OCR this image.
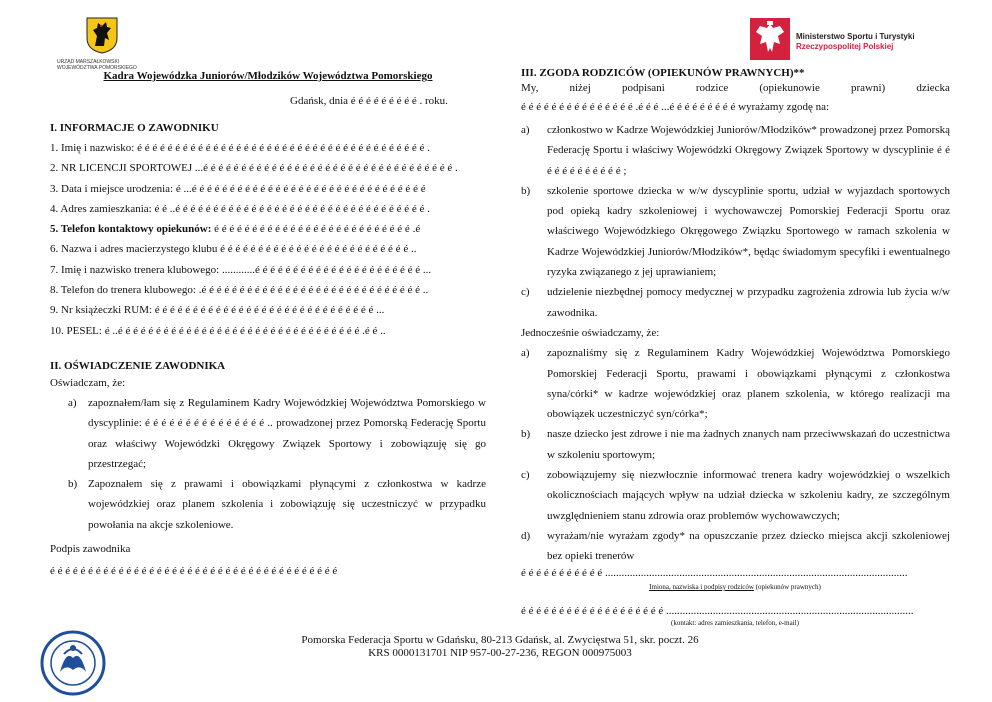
URZĄD MARSZAŁKOWSKI
WOJEWÓDZTWA POMORSKIEGO
Ministerstwo Sportu i Turystyki
Rzeczypospolitej Polskiej
Kadra Wojewódzka Juniorów/Młodzików Województwa Pomorskiego
Gdańsk, dnia é é é é é é é é é . roku.
I. INFORMACJE O ZAWODNIKU
1. Imię i nazwisko: é é é é é é é é é é é é é é é é é é é é é é é é é é é é é é é é é é é é é é .
2. NR LICENCJI SPORTOWEJ ...é é é é é é é é é é é é é é é é é é é é é é é é é é é é é é é é é .
3. Data i miejsce urodzenia: é ...é é é é é é é é é é é é é é é é é é é é é é é é é é é é é é é
4. Adres zamieszkania: é é ..é é é é é é é é é é é é é é é é é é é é é é é é é é é é é é é é é .
5. Telefon kontaktowy opiekunów: é é é é é é é é é é é é é é é é é é é é é é é é é é .é
6. Nazwa i adres macierzystego klubu é é é é é é é é é é é é é é é é é é é é é é é é é ..
7. Imię i nazwisko trenera klubowego: ............é é é é é é é é é é é é é é é é é é é é é é ...
8. Telefon do trenera klubowego: .é é é é é é é é é é é é é é é é é é é é é é é é é é é é é ..
9. Nr książeczki RUM: é é é é é é é é é é é é é é é é é é é é é é é é é é é é é ...
10. PESEL: é ..é é é é é é é é é é é é é é é é é é é é é é é é é é é é é é é é .é é ..
II. OŚWIADCZENIE ZAWODNIKA
Oświadczam, że:
a)	zapoznałem/łam się z Regulaminem Kadry Wojewódzkiej Województwa Pomorskiego w dyscyplinie: é é é é é é é é é é é é é é é .. prowadzonej przez Pomorską Federację Sportu oraz właściwy Wojewódzki Okręgowy Związek Sportowy i zobowiązuję się go przestrzegać;
b) Zapoznałem się z prawami i obowiązkami płynącymi z członkostwa w kadrze wojewódzkiej oraz planem szkolenia i zobowiązuję się uczestniczyć w przypadku powołania na akcje szkoleniowe.
Podpis zawodnika
é é é é é é é é é é é é é é é é é é é é é é é é é é é é é é é é é é é é é é
III. ZGODA RODZICÓW (OPIEKUNÓW PRAWNYCH)**
My,	niżej	podpisani	rodzice	(opiekunowie	prawni)	dziecka
é é é é é é é é é é é é é é é .é é é ...é é é é é é é é é wyrażamy zgodę na:
a)	członkostwo w Kadrze Wojewódzkiej Juniorów/Młodzików* prowadzonej przez Pomorską Federację Sportu i właściwy Wojewódzki Okręgowy Związek Sportowy w dyscyplinie é é é é é é é é é é é é ;
b)	szkolenie sportowe dziecka w w/w dyscyplinie sportu, udział w wyjazdach sportowych pod opieką kadry szkoleniowej i wychowawczej Pomorskiej Federacji Sportu oraz właściwego Wojewódzkiego Okręgowego Związku Sportowego w ramach szkolenia w Kadrze Wojewódzkiej Juniorów/Młodzików*, będąc świadomym specyfiki i ewentualnego ryzyka związanego z jej uprawianiem;
c)	udzielenie niezbędnej pomocy medycznej w przypadku zagrożenia zdrowia lub życia w/w zawodnika.
Jednocześnie oświadczamy, że:
a)	zapoznaliśmy się z Regulaminem Kadry Wojewódzkiej Województwa Pomorskiego Pomorskiej Federacji Sportu, prawami i obowiązkami płynącymi z członkostwa syna/córki* w kadrze wojewódzkiej oraz planem szkolenia, w którego realizacji ma obowiązek uczestniczyć syn/córka*;
b)	nasze dziecko jest zdrowe i nie ma żadnych znanych nam przeciwwskazań do uczestnictwa w szkoleniu sportowym;
c)	zobowiązujemy się niezwłocznie informować trenera kadry wojewódzkiej o wszelkich okolicznościach mających wpływ na udział dziecka w szkoleniu kadry, ze szczególnym uwzględnieniem stanu zdrowia oraz problemów wychowawczych;
d)	wyrażam/nie wyrażam zgody* na opuszczanie przez dziecko miejsca akcji szkoleniowej bez opieki trenerów
é é é é é é é é é é é ..............................................................................................................
Imiona, nazwiska i podpisy rodziców (opiekunów prawnych)
é é é é é é é é é é é é é é é é é é é ..........................................................................................
(kontakt: adres zamieszkania, telefon, e-mail)
Pomorska Federacja Sportu w Gdańsku, 80-213 Gdańsk, al. Zwycięstwa 51, skr. poczt. 26
KRS 0000131701 NIP 957-00-27-236, REGON 000975003
